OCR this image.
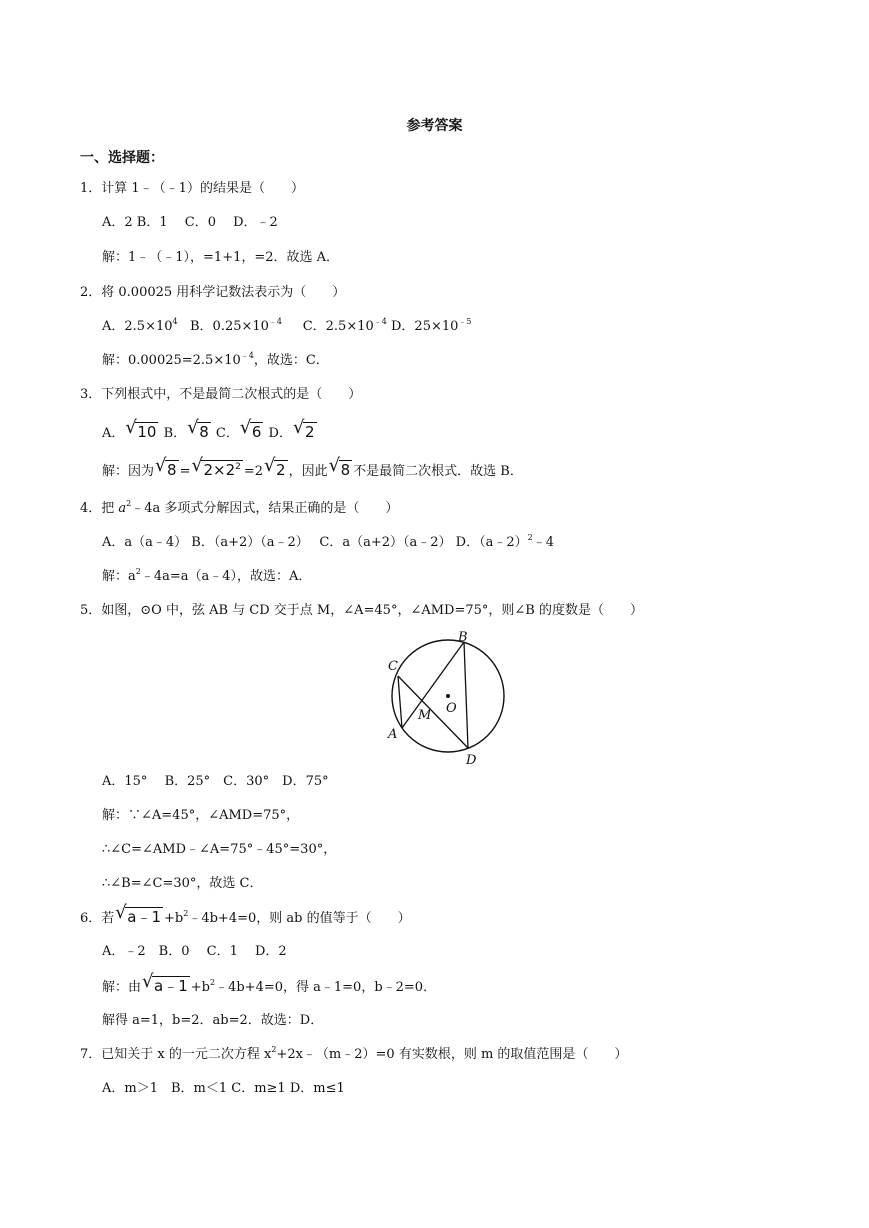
参考答案
一、选择题：
1．计算 1﹣（﹣1）的结果是（　　）
A．2 B．1　 C．0　 D．﹣2
解：1﹣（﹣1），=1+1，=2．故选 A．
2．将 0.00025 用科学记数法表示为（　　）
A．$2.5\times 10^4$ B．$0.25\times 10^{﹣4}$ C．$2.5\times 10^{﹣4}$ D．$25\times 10^{﹣5}$
解：$0.00025=2.5\times 10^{﹣4}$，故选：C．
3．下列根式中，不是最简二次根式的是（　　）
A． √ 10 B． √ 8 C． √ 6 D． √ 2
解：因为 √ 8 = √ $2\times 2^2 =2$ √ 2 ，因此 √ 8 不是最简二次根式．故选 B．
4．把 $a^2﹣4a$ 多项式分解因式，结果正确的是（　　）
A．a（a﹣4） B．（a+2）（a﹣2）　 C．a（a+2）（a﹣2） D．（a﹣2）$^2$﹣4
解：$a^2﹣4a=a(a﹣4)$，故选：A．
5．如图，⊙O 中，弦 AB 与 CD 交于点 M，∠A=45°，∠AMD=75°，则∠B 的度数是（　　）
C
B
A
D
M O
A．15°　 B．25°　C．30°　D．75°
解：∵∠A=45°，∠AMD=75°，
∴∠C=∠AMD﹣∠A=75°﹣45°=30°，
∴∠B=∠C=30°，故选 C．
6．若 √ a﹣1 $+b^2﹣4b+4=0$，则 ab 的值等于（　　）
A．﹣2　B．0　 C．1　 D．2
解：由 √ a﹣1 $+b^2﹣4b+4=0$，得 a﹣1=0，b﹣2=0．
解得 a=1，b=2．ab=2．故选：D．
7．已知关于 x 的一元二次方程 $x^2+2x﹣(m﹣2)=0$ 有实数根，则 m 的取值范围是（　　）
A．m＞1　B．m＜1 C．m≥1 D．m≤1
